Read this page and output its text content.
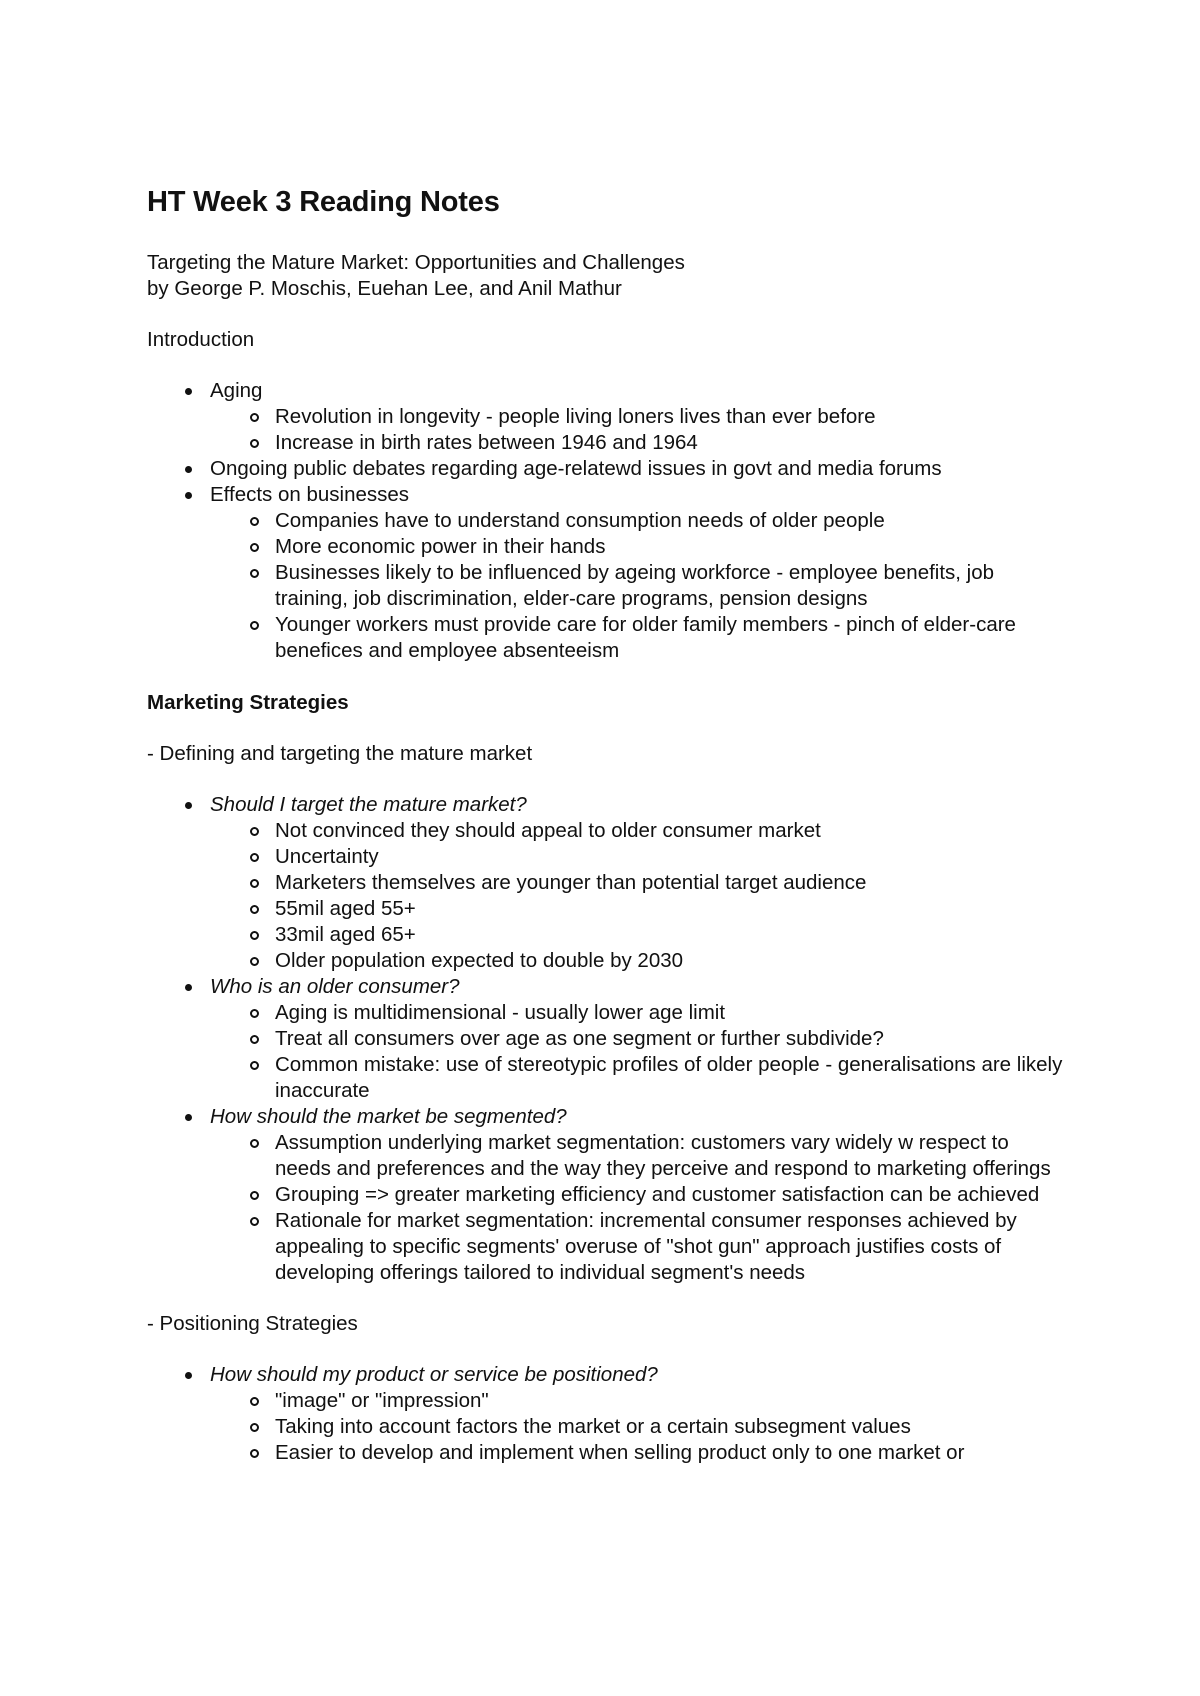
HT Week 3 Reading Notes

Targeting the Mature Market: Opportunities and Challenges

by George P. Moschis, Euehan Lee, and Anil Mathur

Introduction

Aging
Revolution in longevity - people living loners lives than ever before
Increase in birth rates between 1946 and 1964
Ongoing public debates regarding age-relatewd issues in govt and media forums
Effects on businesses
Companies have to understand consumption needs of older people
More economic power in their hands
Businesses likely to be influenced by ageing workforce - employee benefits, job training, job discrimination, elder-care programs, pension designs
Younger workers must provide care for older family members - pinch of elder-care benefices and employee absenteeism
Marketing Strategies

- Defining and targeting the mature market

Should I target the mature market?
Not convinced they should appeal to older consumer market
Uncertainty
Marketers themselves are younger than potential target audience
55mil aged 55+
33mil aged 65+
Older population expected to double by 2030
Who is an older consumer?
Aging is multidimensional - usually lower age limit
Treat all consumers over age as one segment or further subdivide?
Common mistake: use of stereotypic profiles of older people - generalisations are likely inaccurate
How should the market be segmented?
Assumption underlying market segmentation: customers vary widely w respect to needs and preferences and the way they perceive and respond to marketing offerings
Grouping => greater marketing efficiency and customer satisfaction can be achieved
Rationale for market segmentation: incremental consumer responses achieved by appealing to specific segments' overuse of "shot gun" approach justifies costs of developing offerings tailored to individual segment's needs

- Positioning Strategies

How should my product or service be positioned?
"image" or "impression"
Taking into account factors the market or a certain subsegment values
Easier to develop and implement when selling product only to one market or
